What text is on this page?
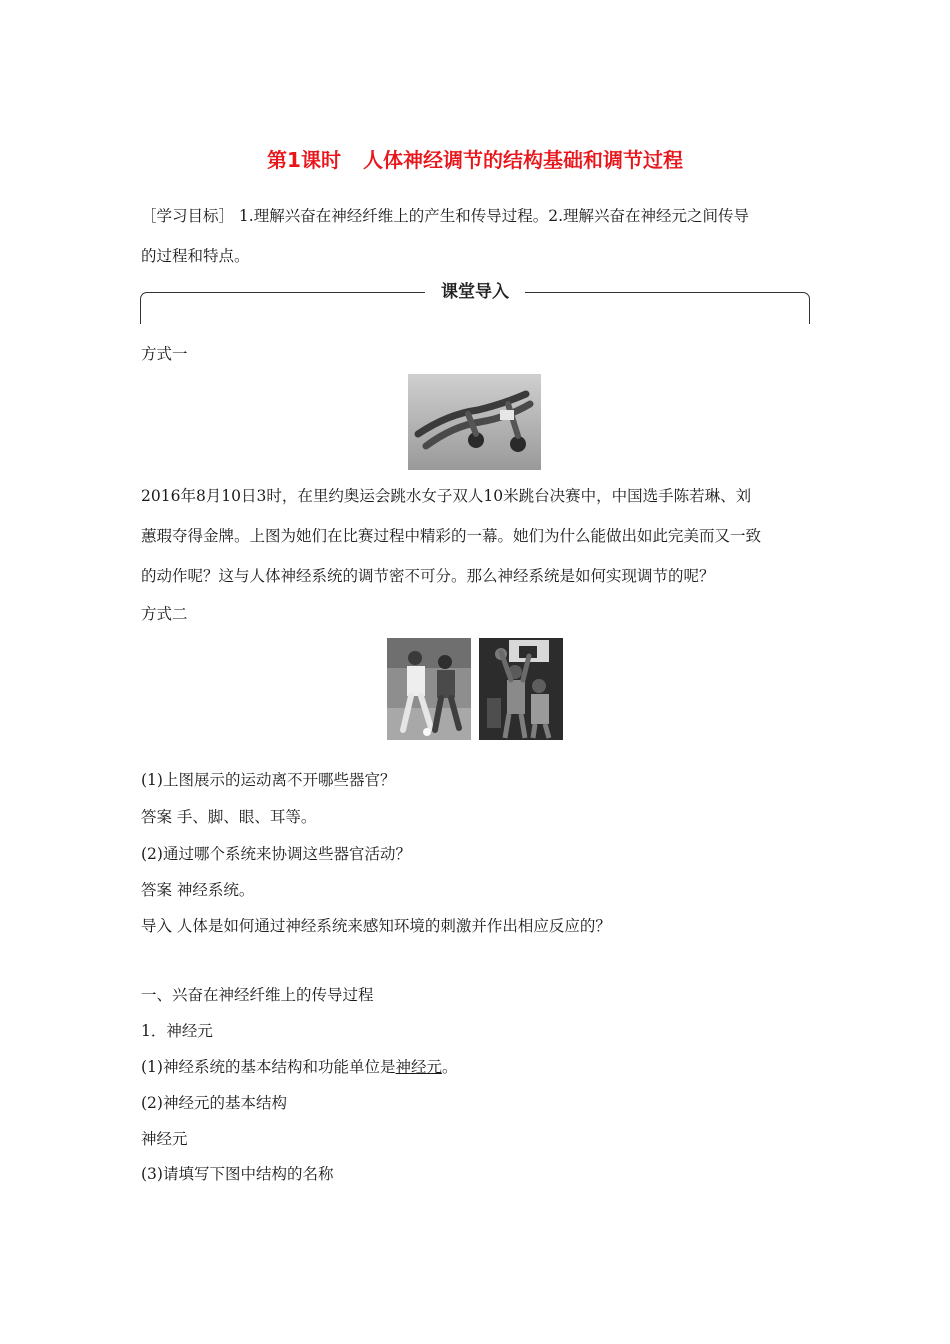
第1课时 人体神经调节的结构基础和调节过程
［学习目标］ 1.理解兴奋在神经纤维上的产生和传导过程。2.理解兴奋在神经元之间传导
的过程和特点。
课堂导入
方式一
2016年8月10日3时，在里约奥运会跳水女子双人10米跳台决赛中，中国选手陈若琳、刘
蕙瑕夺得金牌。上图为她们在比赛过程中精彩的一幕。她们为什么能做出如此完美而又一致
的动作呢？这与人体神经系统的调节密不可分。那么神经系统是如何实现调节的呢？
方式二
(1)上图展示的运动离不开哪些器官？
答案 手、脚、眼、耳等。
(2)通过哪个系统来协调这些器官活动？
答案 神经系统。
导入 人体是如何通过神经系统来感知环境的刺激并作出相应反应的？
一、兴奋在神经纤维上的传导过程
1．神经元
(1)神经系统的基本结构和功能单位是神经元。
(2)神经元的基本结构
神经元
(3)请填写下图中结构的名称
